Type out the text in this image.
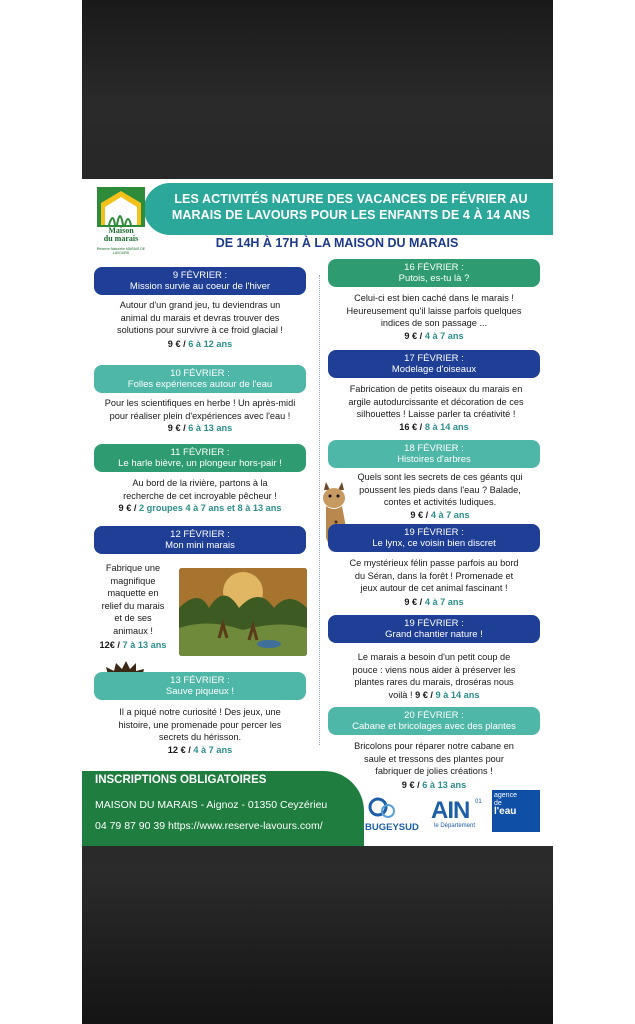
LES ACTIVITÉS NATURE DES VACANCES DE FÉVRIER AU
MARAIS DE LAVOURS POUR LES ENFANTS DE 4 À 14 ANS
DE 14H À 17H À LA MAISON DU MARAIS
Maison
du marais
Réserve Naturelle MARAIS DE LAVOURS
9 FÉVRIER :
Mission survie au coeur de l'hiver
Autour d'un grand jeu, tu deviendras un
animal du marais et devras trouver des
solutions pour survivre à ce froid glacial !
9 € / 6 à 12 ans
10 FÉVRIER :
Folles expériences autour de l'eau
Pour les scientifiques en herbe ! Un après-midi
pour réaliser plein d'expériences avec l'eau !
9 € / 6 à 13 ans
11 FÉVRIER :
Le harle bièvre, un plongeur hors-pair !
Au bord de la rivière, partons à la
recherche de cet incroyable pêcheur !
9 € / 2 groupes 4 à 7 ans et 8 à 13 ans
12 FÉVRIER :
Mon mini marais
Fabrique une
magnifique
maquette en
relief du marais
et de ses
animaux !
12€ / 7 à 13 ans
13 FÉVRIER :
Sauve piqueux !
Il a piqué notre curiosité ! Des jeux, une
histoire, une promenade pour percer les
secrets du hérisson.
12 € / 4 à 7 ans
16 FÉVRIER :
Putois, es-tu là ?
Celui-ci est bien caché dans le marais !
Heureusement qu'il laisse parfois quelques
indices de son passage ...
9 € / 4 à 7 ans
17 FÉVRIER :
Modelage d'oiseaux
Fabrication de petits oiseaux du marais en
argile autodurcissante et décoration de ces
silhouettes ! Laisse parler ta créativité !
16 € / 8 à 14 ans
18 FÉVRIER :
Histoires d'arbres
Quels sont les secrets de ces géants qui
poussent les pieds dans l'eau ? Balade,
contes et activités ludiques.
9 € / 4 à 7 ans
19 FÉVRIER :
Le lynx, ce voisin bien discret
Ce mystérieux félin passe parfois au bord
du Séran, dans la forêt ! Promenade et
jeux autour de cet animal fascinant !
9 € / 4 à 7 ans
19 FÉVRIER :
Grand chantier nature !
Le marais a besoin d'un petit coup de
pouce : viens nous aider à préserver les
plantes rares du marais, droséras nous
voilà ! 9 € / 9 à 14 ans
20 FÉVRIER :
Cabane et bricolages avec des plantes
Bricolons pour réparer notre cabane en
saule et tressons des plantes pour
fabriquer de jolies créations !
9 € / 6 à 13 ans
INSCRIPTIONS OBLIGATOIRES
MAISON DU MARAIS - Aignoz - 01350 Ceyzérieu
04 79 87 90 39 https://www.reserve-lavours.com/	BUGEYSUD
AIN 01
le Département
agence
de
l'eau
